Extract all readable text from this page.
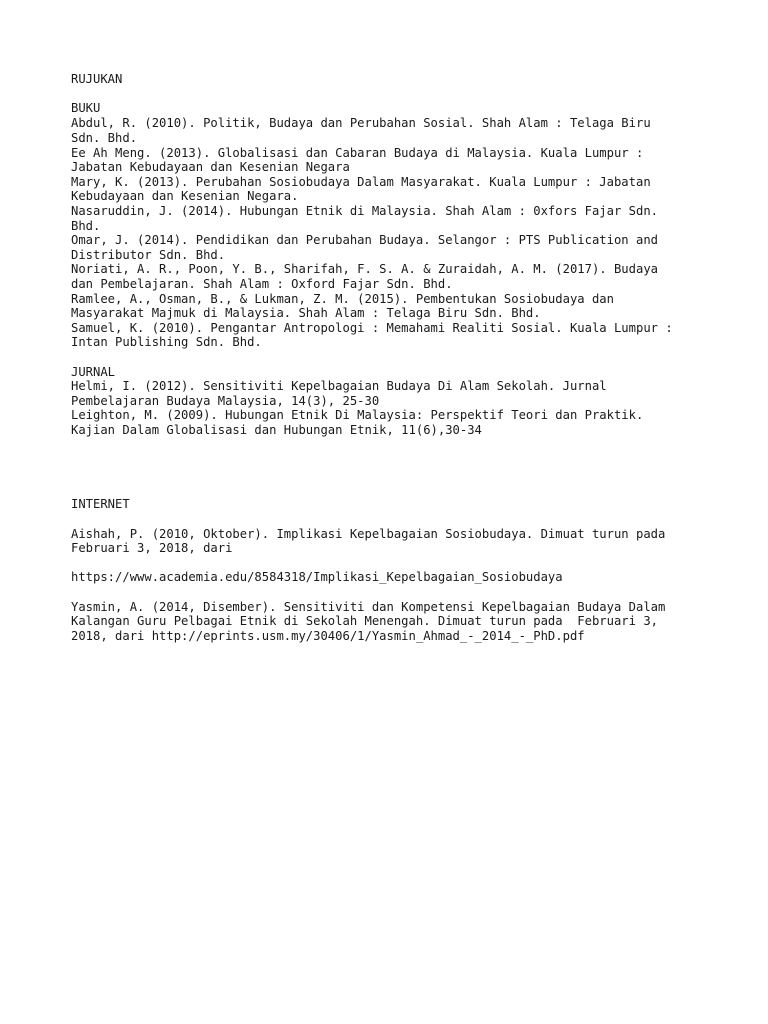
RUJUKAN

BUKU

Abdul, R. (2010). Politik, Budaya dan Perubahan Sosial. Shah Alam : Telaga Biru

Sdn. Bhd.

Ee Ah Meng. (2013). Globalisasi dan Cabaran Budaya di Malaysia. Kuala Lumpur :

Jabatan Kebudayaan dan Kesenian Negara

Mary, K. (2013). Perubahan Sosiobudaya Dalam Masyarakat. Kuala Lumpur : Jabatan

Kebudayaan dan Kesenian Negara.

Nasaruddin, J. (2014). Hubungan Etnik di Malaysia. Shah Alam : 0xfors Fajar Sdn.

Bhd.

Omar, J. (2014). Pendidikan dan Perubahan Budaya. Selangor : PTS Publication and

Distributor Sdn. Bhd.

Noriati, A. R., Poon, Y. B., Sharifah, F. S. A. & Zuraidah, A. M. (2017). Budaya

dan Pembelajaran. Shah Alam : Oxford Fajar Sdn. Bhd.

Ramlee, A., Osman, B., & Lukman, Z. M. (2015). Pembentukan Sosiobudaya dan

Masyarakat Majmuk di Malaysia. Shah Alam : Telaga Biru Sdn. Bhd.

Samuel, K. (2010). Pengantar Antropologi : Memahami Realiti Sosial. Kuala Lumpur :

Intan Publishing Sdn. Bhd.

JURNAL

Helmi, I. (2012). Sensitiviti Kepelbagaian Budaya Di Alam Sekolah. Jurnal

Pembelajaran Budaya Malaysia, 14(3), 25-30

Leighton, M. (2009). Hubungan Etnik Di Malaysia: Perspektif Teori dan Praktik.

Kajian Dalam Globalisasi dan Hubungan Etnik, 11(6),30-34

INTERNET

Aishah, P. (2010, Oktober). Implikasi Kepelbagaian Sosiobudaya. Dimuat turun pada

Februari 3, 2018, dari

https://www.academia.edu/8584318/Implikasi_Kepelbagaian_Sosiobudaya

Yasmin, A. (2014, Disember). Sensitiviti dan Kompetensi Kepelbagaian Budaya Dalam

Kalangan Guru Pelbagai Etnik di Sekolah Menengah. Dimuat turun pada  Februari 3,

2018, dari http://eprints.usm.my/30406/1/Yasmin_Ahmad_-_2014_-_PhD.pdf
